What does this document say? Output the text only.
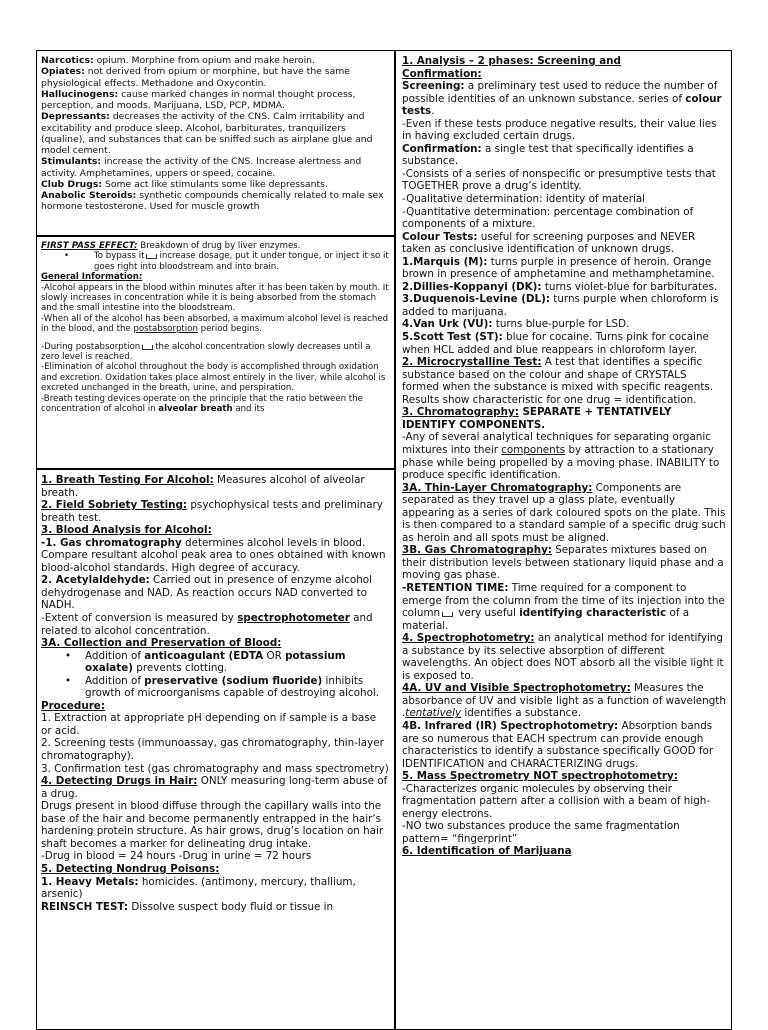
Narcotics: opium. Morphine from opium and make heroin.

Opiates: not derived from opium or morphine, but have the same physiological effects. Methadone and Oxycontin.

Hallucinogens: cause marked changes in normal thought process, perception, and moods. Marijuana, LSD, PCP, MDMA.

Depressants: decreases the activity of the CNS. Calm irritability and excitability and produce sleep. Alcohol, barbiturates, tranquilizers (qualine), and substances that can be sniffed such as airplane glue and model cement.

Stimulants: increase the activity of the CNS. Increase alertness and activity. Amphetamines, uppers or speed, cocaine.

Club Drugs: Some act like stimulants some like depressants.

Anabolic Steroids: synthetic compounds chemically related to male sex hormone testosterone. Used for muscle growth

FIRST PASS EFFECT: Breakdown of drug by liver enzymes.

•	To bypass it increase dosage, put it under tongue, or inject it so it goes right into bloodstream and into brain.

General Information:

-Alcohol appears in the blood within minutes after it has been taken by mouth. It slowly increases in concentration while it is being absorbed from the stomach and the small intestine into the bloodstream.

-When all of the alcohol has been absorbed, a maximum alcohol level is reached in the blood, and the postabsorption period begins.

-During postabsorption the alcohol concentration slowly decreases until a zero level is reached.

-Elimination of alcohol throughout the body is accomplished through oxidation and excretion. Oxidation takes place almost entirely in the liver, while alcohol is excreted unchanged in the breath, urine, and perspiration.

-Breath testing devices operate on the principle that the ratio between the concentration of alcohol in alveolar breath and its

1. Breath Testing For Alcohol: Measures alcohol of alveolar breath.

2. Field Sobriety Testing: psychophysical tests and preliminary breath test.

3. Blood Analysis for Alcohol:

-1. Gas chromatography determines alcohol levels in blood.

Compare resultant alcohol peak area to ones obtained with known blood-alcohol standards. High degree of accuracy.

2. Acetylaldehyde: Carried out in presence of enzyme alcohol dehydrogenase and NAD. As reaction occurs NAD converted to NADH.

-Extent of conversion is measured by spectrophotometer and related to alcohol concentration.

3A. Collection and Preservation of Blood:

• Addition of anticoagulant (EDTA OR potassium oxalate) prevents clotting.

• Addition of preservative (sodium fluoride) inhibits growth of microorganisms capable of destroying alcohol.

Procedure:

1. Extraction at appropriate pH depending on if sample is a base or acid.

2. Screening tests (immunoassay, gas chromatography, thin-layer chromatography).

3. Confirmation test (gas chromatography and mass spectrometry)

4. Detecting Drugs in Hair: ONLY measuring long-term abuse of a drug.

Drugs present in blood diffuse through the capillary walls into the base of the hair and become permanently entrapped in the hair’s hardening protein structure. As hair grows, drug’s location on hair shaft becomes a marker for delineating drug intake.

-Drug in blood = 24 hours -Drug in urine = 72 hours

5. Detecting Nondrug Poisons:

1. Heavy Metals: homicides. (antimony, mercury, thallium, arsenic)

REINSCH TEST: Dissolve suspect body fluid or tissue in

1. Analysis – 2 phases: Screening and

Confirmation:

Screening: a preliminary test used to reduce the number of possible identities of an unknown substance. series of colour tests.

-Even if these tests produce negative results, their value lies in having excluded certain drugs.

Confirmation: a single test that specifically identifies a substance.

-Consists of a series of nonspecific or presumptive tests that TOGETHER prove a drug’s identity.

-Qualitative determination: identity of material

-Quantitative determination: percentage combination of components of a mixture.

Colour Tests: useful for screening purposes and NEVER taken as conclusive identification of unknown drugs.

1.Marquis (M): turns purple in presence of heroin. Orange brown in presence of amphetamine and methamphetamine.

2.Dillies-Koppanyi (DK): turns violet-blue for barbiturates.

3.Duquenois-Levine (DL): turns purple when chloroform is added to marijuana.

4.Van Urk (VU): turns blue-purple for LSD.

5.Scott Test (ST): blue for cocaine. Turns pink for cocaine when HCL added and blue reappears in chloroform layer.

2. Microcrystalline Test: A test that identifies a specific substance based on the colour and shape of CRYSTALS formed when the substance is mixed with specific reagents. Results show characteristic for one drug = identification.

3. Chromatography: SEPARATE + TENTATIVELY IDENTIFY COMPONENTS.

-Any of several analytical techniques for separating organic mixtures into their components by attraction to a stationary phase while being propelled by a moving phase. INABILITY to produce specific identification.

3A. Thin-Layer Chromatography: Components are separated as they travel up a glass plate, eventually appearing as a series of dark coloured spots on the plate. This is then compared to a standard sample of a specific drug such as heroin and all spots must be aligned.

3B. Gas Chromatography: Separates mixtures based on their distribution levels between stationary liquid phase and a moving gas phase.

-RETENTION TIME: Time required for a component to emerge from the column from the time of its injection into the column very useful identifying characteristic of a material.

4. Spectrophotometry: an analytical method for identifying a substance by its selective absorption of different wavelengths. An object does NOT absorb all the visible light it is exposed to.

4A. UV and Visible Spectrophotometry: Measures the absorbance of UV and visible light as a function of wavelength .tentatively identifies a substance.

4B. Infrared (IR) Spectrophotometry: Absorption bands are so numerous that EACH spectrum can provide enough characteristics to identify a substance specifically GOOD for IDENTIFICATION and CHARACTERIZING drugs.

5. Mass Spectrometry NOT spectrophotometry:

-Characterizes organic molecules by observing their fragmentation pattern after a collision with a beam of high-energy electrons.

-NO two substances produce the same fragmentation pattern= “fingerprint”

6. Identification of Marijuana
